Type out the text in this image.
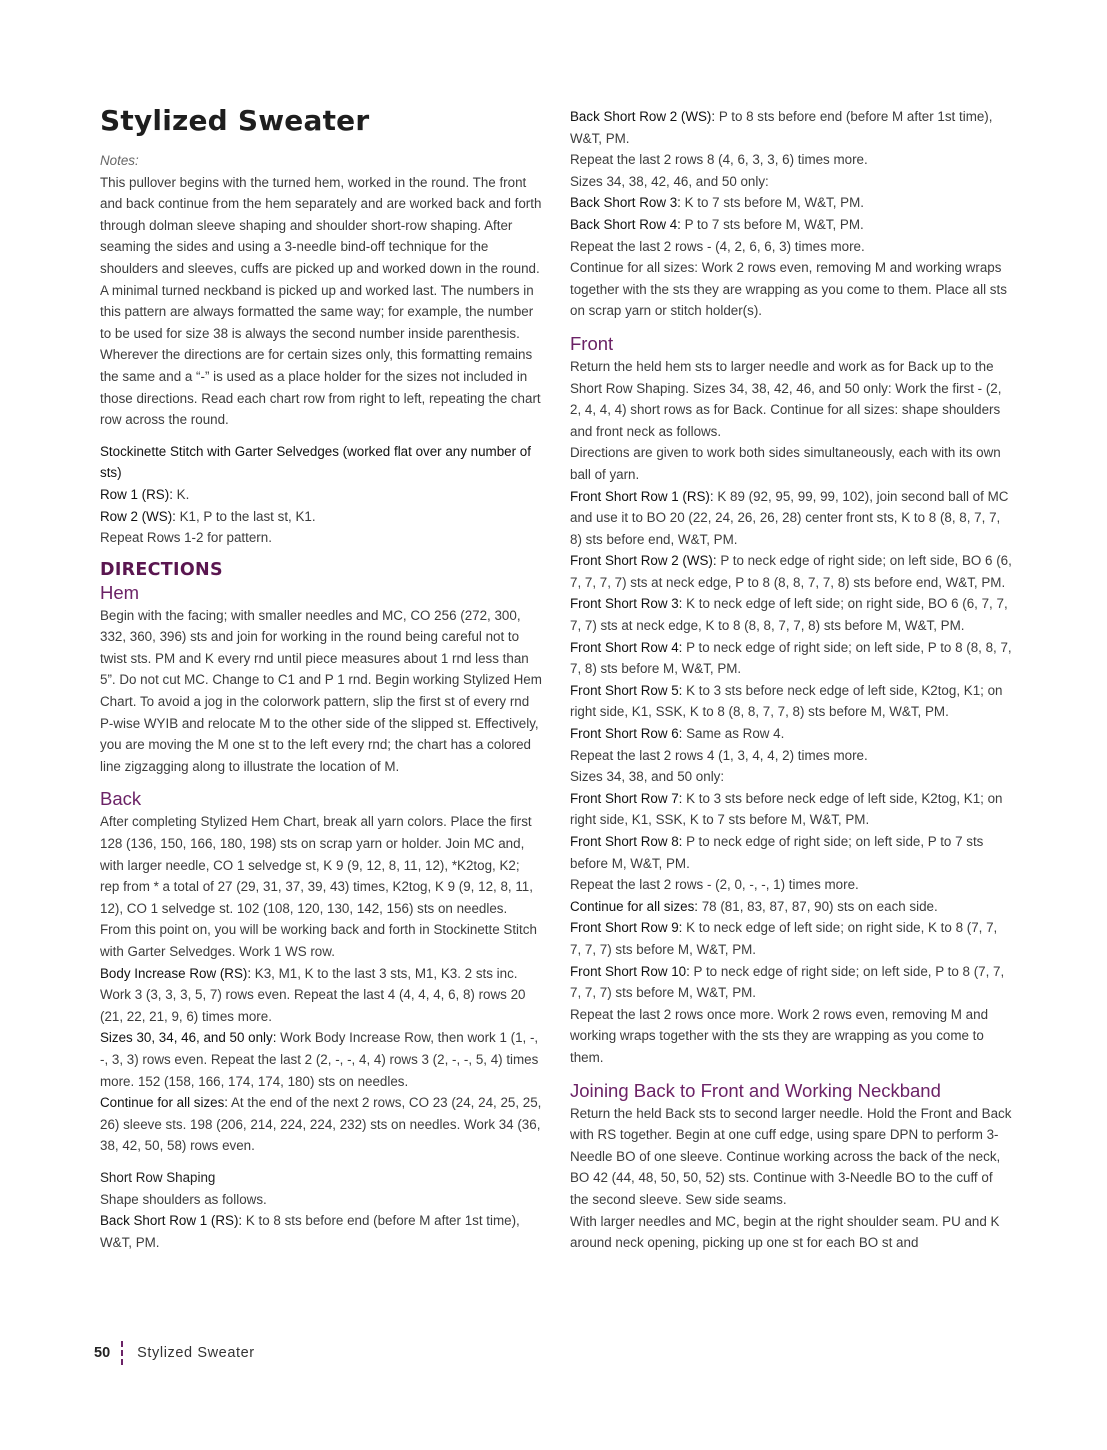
Stylized Sweater

Notes:

This pullover begins with the turned hem, worked in the round. The front and back continue from the hem separately and are worked back and forth through dolman sleeve shaping and shoulder short-row shaping. After seaming the sides and using a 3-needle bind-off technique for the shoulders and sleeves, cuffs are picked up and worked down in the round. A minimal turned neckband is picked up and worked last. The numbers in this pattern are always formatted the same way; for example, the number to be used for size 38 is always the second number inside parenthesis. Wherever the directions are for certain sizes only, this formatting remains the same and a “-” is used as a place holder for the sizes not included in those directions. Read each chart row from right to left, repeating the chart row across the round.

Stockinette Stitch with Garter Selvedges (worked flat over any number of sts)

Row 1 (RS): K.

Row 2 (WS): K1, P to the last st, K1.

Repeat Rows 1-2 for pattern.

DIRECTIONS
Hem

Begin with the facing; with smaller needles and MC, CO 256 (272, 300, 332, 360, 396) sts and join for working in the round being careful not to twist sts. PM and K every rnd until piece measures about 1 rnd less than 5”. Do not cut MC. Change to C1 and P 1 rnd. Begin working Stylized Hem Chart. To avoid a jog in the colorwork pattern, slip the first st of every rnd P-wise WYIB and relocate M to the other side of the slipped st. Effectively, you are moving the M one st to the left every rnd; the chart has a colored line zigzagging along to illustrate the location of M.

Back

After completing Stylized Hem Chart, break all yarn colors. Place the first 128 (136, 150, 166, 180, 198) sts on scrap yarn or holder. Join MC and, with larger needle, CO 1 selvedge st, K 9 (9, 12, 8, 11, 12), *K2tog, K2; rep from * a total of 27 (29, 31, 37, 39, 43) times, K2tog, K 9 (9, 12, 8, 11, 12), CO 1 selvedge st. 102 (108, 120, 130, 142, 156) sts on needles. From this point on, you will be working back and forth in Stockinette Stitch with Garter Selvedges. Work 1 WS row.

Body Increase Row (RS): K3, M1, K to the last 3 sts, M1, K3. 2 sts inc. Work 3 (3, 3, 3, 5, 7) rows even. Repeat the last 4 (4, 4, 4, 6, 8) rows 20 (21, 22, 21, 9, 6) times more.

Sizes 30, 34, 46, and 50 only: Work Body Increase Row, then work 1 (1, -, -, 3, 3) rows even. Repeat the last 2 (2, -, -, 4, 4) rows 3 (2, -, -, 5, 4) times more. 152 (158, 166, 174, 174, 180) sts on needles.

Continue for all sizes: At the end of the next 2 rows, CO 23 (24, 24, 25, 25, 26) sleeve sts. 198 (206, 214, 224, 224, 232) sts on needles. Work 34 (36, 38, 42, 50, 58) rows even.

Short Row Shaping

Shape shoulders as follows.

Back Short Row 1 (RS): K to 8 sts before end (before M after 1st time), W&T, PM.

Back Short Row 2 (WS): P to 8 sts before end (before M after 1st time), W&T, PM.

Repeat the last 2 rows 8 (4, 6, 3, 3, 6) times more.

Sizes 34, 38, 42, 46, and 50 only:

Back Short Row 3: K to 7 sts before M, W&T, PM.

Back Short Row 4: P to 7 sts before M, W&T, PM.

Repeat the last 2 rows - (4, 2, 6, 6, 3) times more.

Continue for all sizes: Work 2 rows even, removing M and working wraps together with the sts they are wrapping as you come to them. Place all sts on scrap yarn or stitch holder(s).

Front

Return the held hem sts to larger needle and work as for Back up to the Short Row Shaping. Sizes 34, 38, 42, 46, and 50 only: Work the first - (2, 2, 4, 4, 4) short rows as for Back. Continue for all sizes: shape shoulders and front neck as follows.

Directions are given to work both sides simultaneously, each with its own ball of yarn.

Front Short Row 1 (RS): K 89 (92, 95, 99, 99, 102), join second ball of MC and use it to BO 20 (22, 24, 26, 26, 28) center front sts, K to 8 (8, 8, 7, 7, 8) sts before end, W&T, PM.

Front Short Row 2 (WS): P to neck edge of right side; on left side, BO 6 (6, 7, 7, 7, 7) sts at neck edge, P to 8 (8, 8, 7, 7, 8) sts before end, W&T, PM.

Front Short Row 3: K to neck edge of left side; on right side, BO 6 (6, 7, 7, 7, 7) sts at neck edge, K to 8 (8, 8, 7, 7, 8) sts before M, W&T, PM.

Front Short Row 4: P to neck edge of right side; on left side, P to 8 (8, 8, 7, 7, 8) sts before M, W&T, PM.

Front Short Row 5: K to 3 sts before neck edge of left side, K2tog, K1; on right side, K1, SSK, K to 8 (8, 8, 7, 7, 8) sts before M, W&T, PM.

Front Short Row 6: Same as Row 4.

Repeat the last 2 rows 4 (1, 3, 4, 4, 2) times more.

Sizes 34, 38, and 50 only:

Front Short Row 7: K to 3 sts before neck edge of left side, K2tog, K1; on right side, K1, SSK, K to 7 sts before M, W&T, PM.

Front Short Row 8: P to neck edge of right side; on left side, P to 7 sts before M, W&T, PM.

Repeat the last 2 rows - (2, 0, -, -, 1) times more.

Continue for all sizes: 78 (81, 83, 87, 87, 90) sts on each side.

Front Short Row 9: K to neck edge of left side; on right side, K to 8 (7, 7, 7, 7, 7) sts before M, W&T, PM.

Front Short Row 10: P to neck edge of right side; on left side, P to 8 (7, 7, 7, 7, 7) sts before M, W&T, PM.

Repeat the last 2 rows once more. Work 2 rows even, removing M and working wraps together with the sts they are wrapping as you come to them.

Joining Back to Front and Working Neckband

Return the held Back sts to second larger needle. Hold the Front and Back with RS together. Begin at one cuff edge, using spare DPN to perform 3-Needle BO of one sleeve. Continue working across the back of the neck, BO 42 (44, 48, 50, 50, 52) sts. Continue with 3-Needle BO to the cuff of the second sleeve. Sew side seams.

With larger needles and MC, begin at the right shoulder seam. PU and K around neck opening, picking up one st for each BO st and

50 Stylized Sweater
